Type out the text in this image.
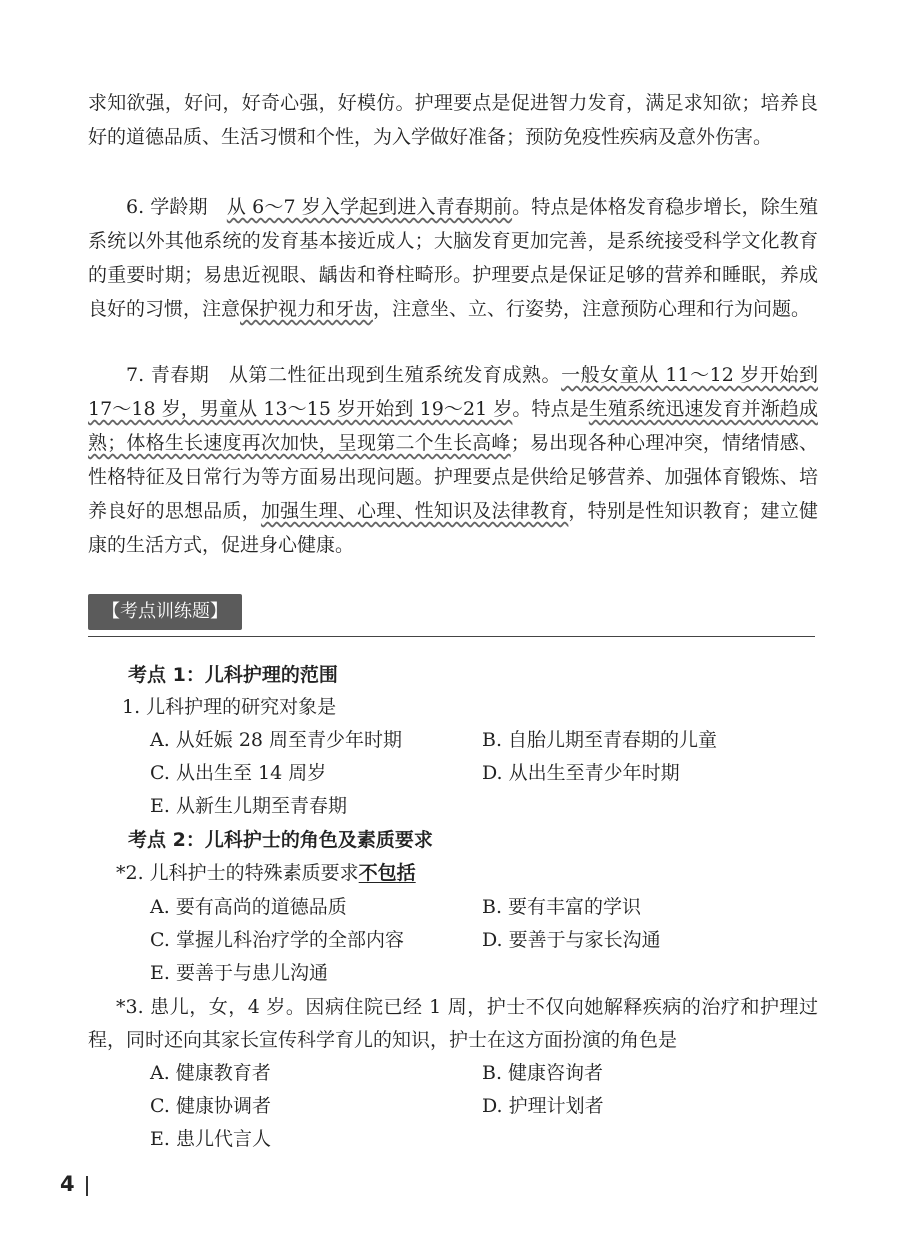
求知欲强，好问，好奇心强，好模仿。护理要点是促进智力发育，满足求知欲；培养良好的道德品质、生活习惯和个性，为入学做好准备；预防免疫性疾病及意外伤害。
6. 学龄期　从 6～7 岁入学起到进入青春期前。特点是体格发育稳步增长，除生殖系统以外其他系统的发育基本接近成人；大脑发育更加完善，是系统接受科学文化教育的重要时期；易患近视眼、龋齿和脊柱畸形。护理要点是保证足够的营养和睡眠，养成良好的习惯，注意保护视力和牙齿，注意坐、立、行姿势，注意预防心理和行为问题。
7. 青春期　从第二性征出现到生殖系统发育成熟。一般女童从 11～12 岁开始到 17～18 岁，男童从 13～15 岁开始到 19～21 岁。特点是生殖系统迅速发育并渐趋成熟；体格生长速度再次加快，呈现第二个生长高峰；易出现各种心理冲突，情绪情感、性格特征及日常行为等方面易出现问题。护理要点是供给足够营养、加强体育锻炼、培养良好的思想品质，加强生理、心理、性知识及法律教育，特别是性知识教育；建立健康的生活方式，促进身心健康。
【考点训练题】
考点 1：儿科护理的范围
1. 儿科护理的研究对象是
A. 从妊娠 28 周至青少年时期	B. 自胎儿期至青春期的儿童
C. 从出生至 14 周岁	D. 从出生至青少年时期
E. 从新生儿期至青春期
考点 2：儿科护士的角色及素质要求
*2. 儿科护士的特殊素质要求不包括
A. 要有高尚的道德品质	B. 要有丰富的学识
C. 掌握儿科治疗学的全部内容	D. 要善于与家长沟通
E. 要善于与患儿沟通
*3. 患儿，女，4 岁。因病住院已经 1 周，护士不仅向她解释疾病的治疗和护理过程，同时还向其家长宣传科学育儿的知识，护士在这方面扮演的角色是
A. 健康教育者	B. 健康咨询者
C. 健康协调者	D. 护理计划者
E. 患儿代言人
4
